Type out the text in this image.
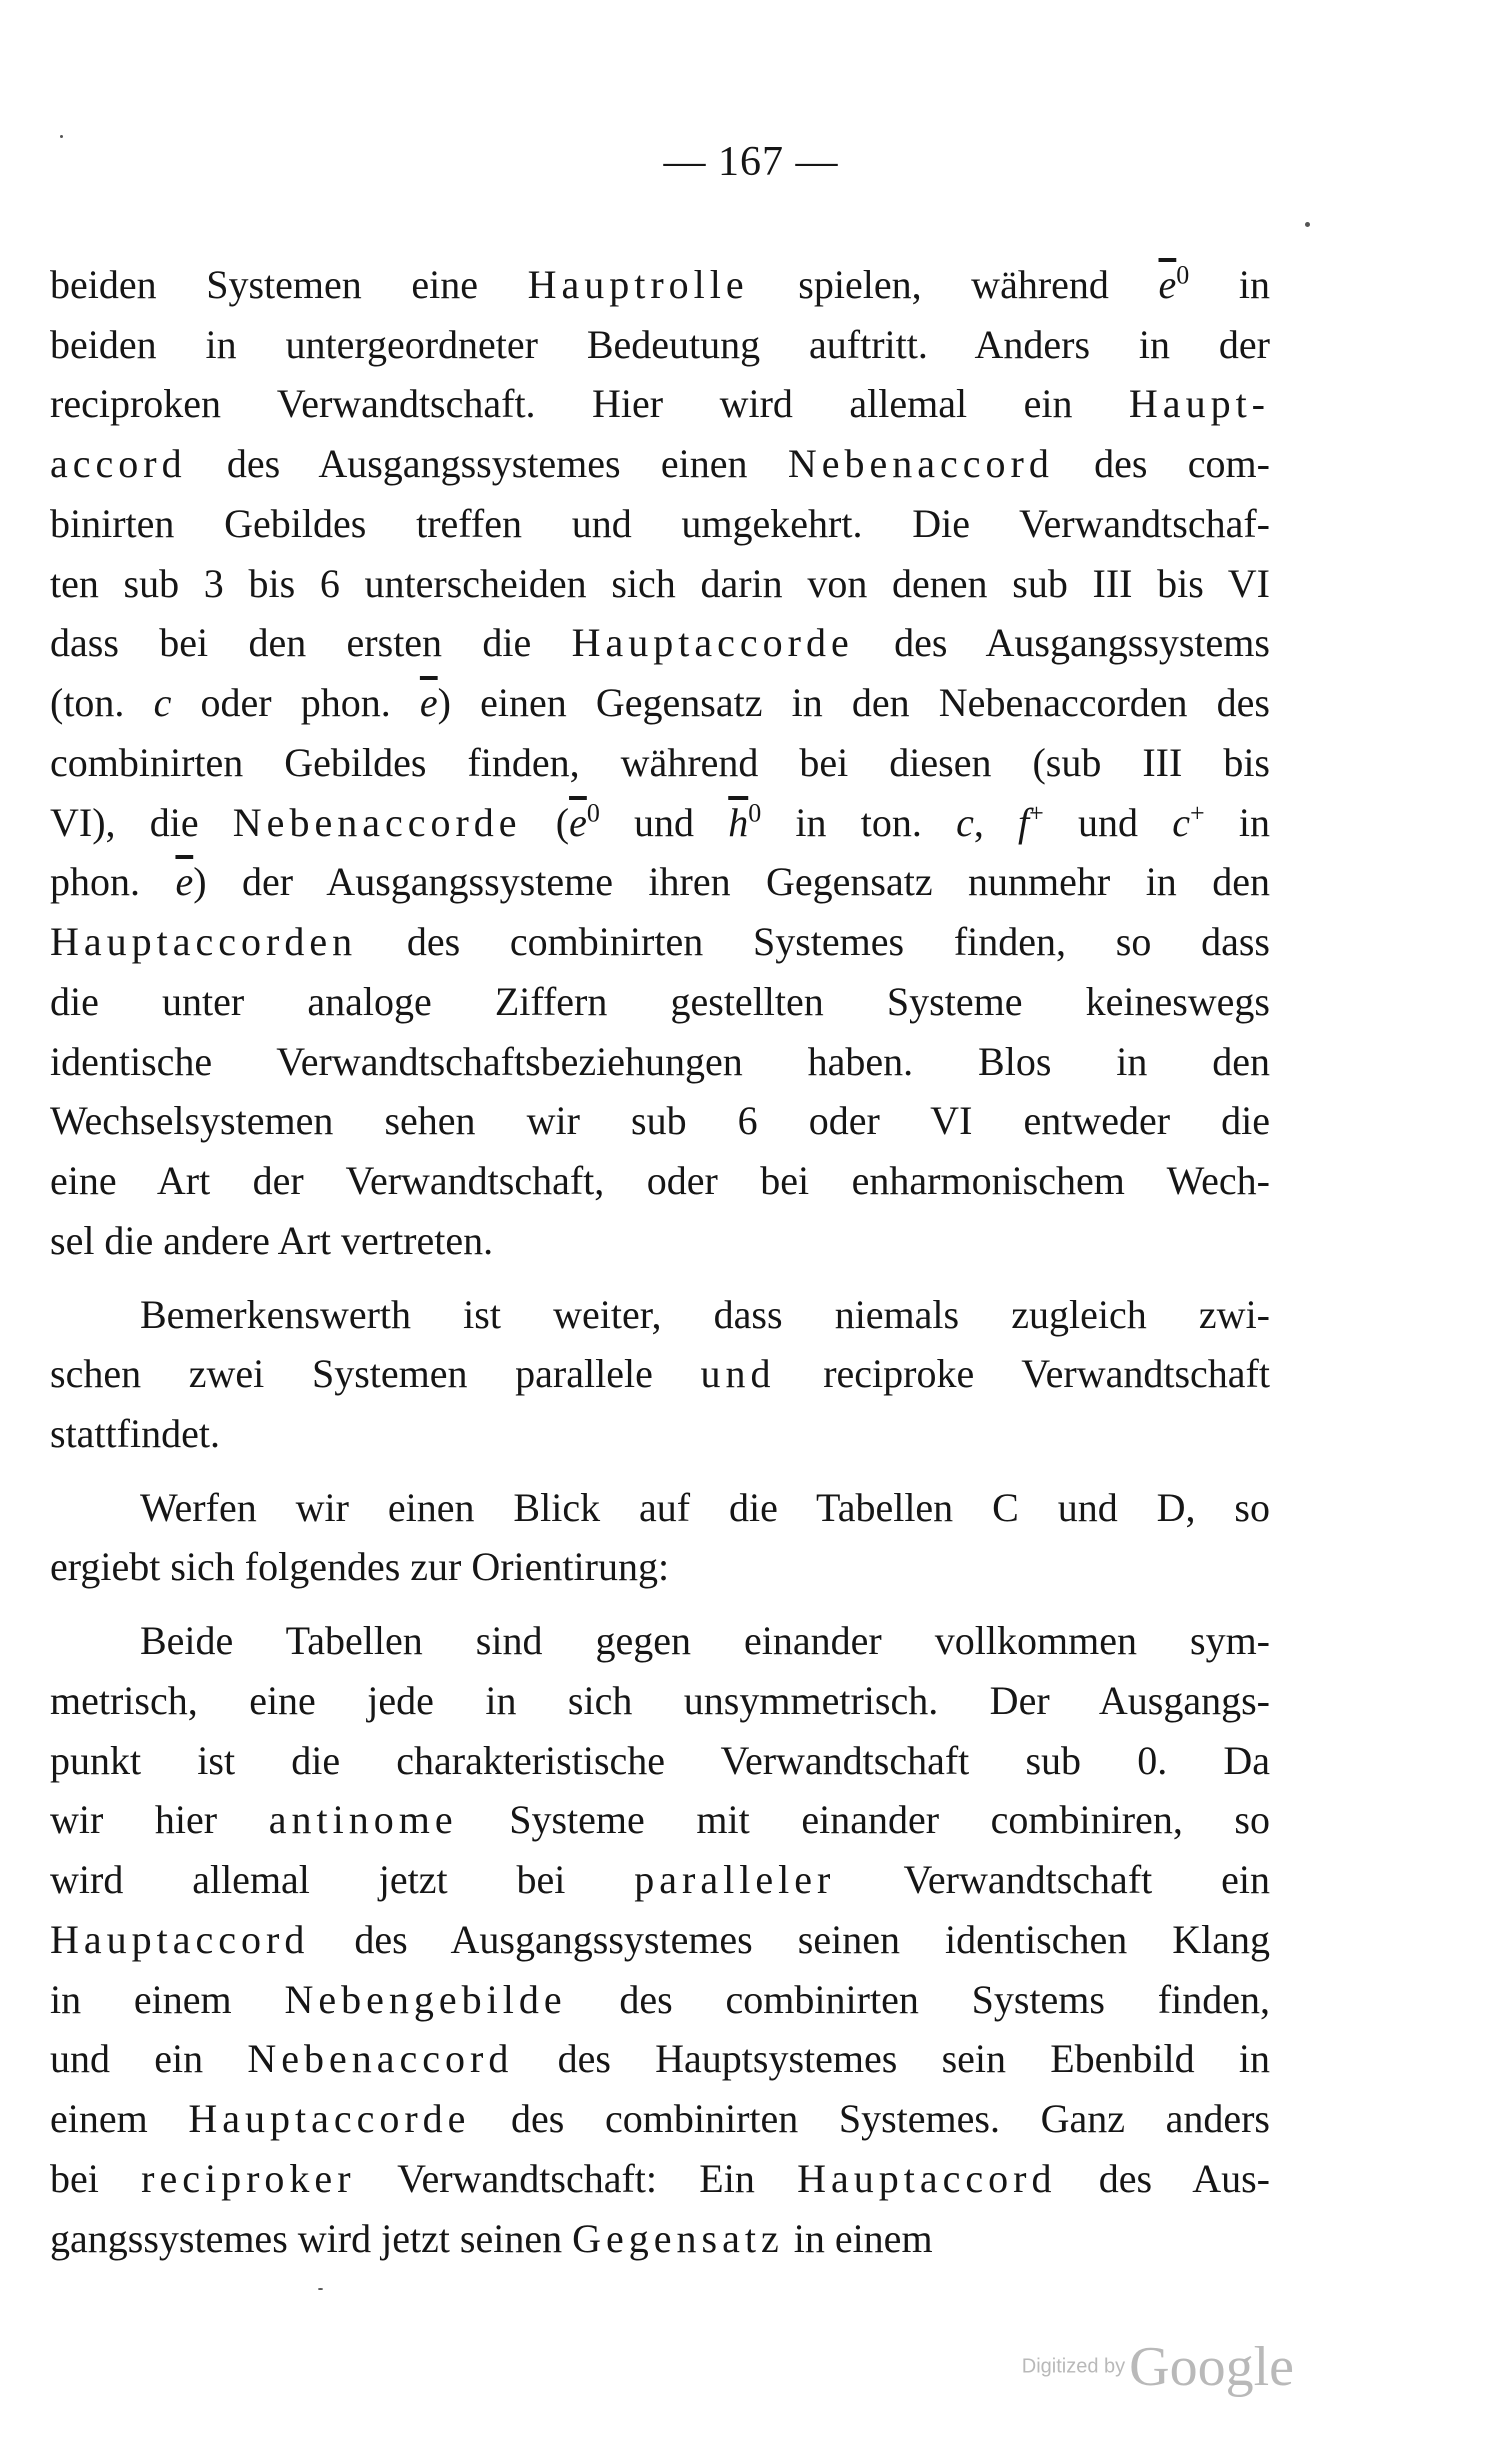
— 167 —
beiden Systemen eine Hauptrolle spielen, während $\overline{e}^0$ in
beiden in untergeordneter Bedeutung auftritt. Anders in der
reciproken Verwandtschaft. Hier wird allemal ein Haupt-
accord des Ausgangssystemes einen Nebenaccord des com-
binirten Gebildes treffen und umgekehrt. Die Verwandtschaf-
ten sub 3 bis 6 unterscheiden sich darin von denen sub III bis VI
dass bei den ersten die Hauptaccorde des Ausgangssystems
(ton. c oder phon. $\overline{e}$) einen Gegensatz in den Nebenaccorden des
combinirten Gebildes finden, während bei diesen (sub III bis
VI), die Nebenaccorde ($\overline{e}^0$ und $\overline{h}^0$ in ton. c, f+ und c+ in
phon. $\overline{e}$) der Ausgangssysteme ihren Gegensatz nunmehr in den
Hauptaccorden des combinirten Systemes finden, so dass
die unter analoge Ziffern gestellten Systeme keineswegs
identische Verwandtschaftsbeziehungen haben. Blos in den
Wechselsystemen sehen wir sub 6 oder VI entweder die
eine Art der Verwandtschaft, oder bei enharmonischem Wech-
sel die andere Art vertreten.
Bemerkenswerth ist weiter, dass niemals zugleich zwi-
schen zwei Systemen parallele und reciproke Verwandtschaft
stattfindet.
Werfen wir einen Blick auf die Tabellen C und D, so
ergiebt sich folgendes zur Orientirung:
Beide Tabellen sind gegen einander vollkommen sym-
metrisch, eine jede in sich unsymmetrisch. Der Ausgangs-
punkt ist die charakteristische Verwandtschaft sub 0. Da
wir hier antinome Systeme mit einander combiniren, so
wird allemal jetzt bei paralleler Verwandtschaft ein
Hauptaccord des Ausgangssystemes seinen identischen Klang
in einem Nebengebilde des combinirten Systems finden,
und ein Nebenaccord des Hauptsystemes sein Ebenbild in
einem Hauptaccorde des combinirten Systemes. Ganz anders
bei reciproker Verwandtschaft: Ein Hauptaccord des Aus-
gangssystemes wird jetzt seinen Gegensatz in einem
Digitized byGoogle
